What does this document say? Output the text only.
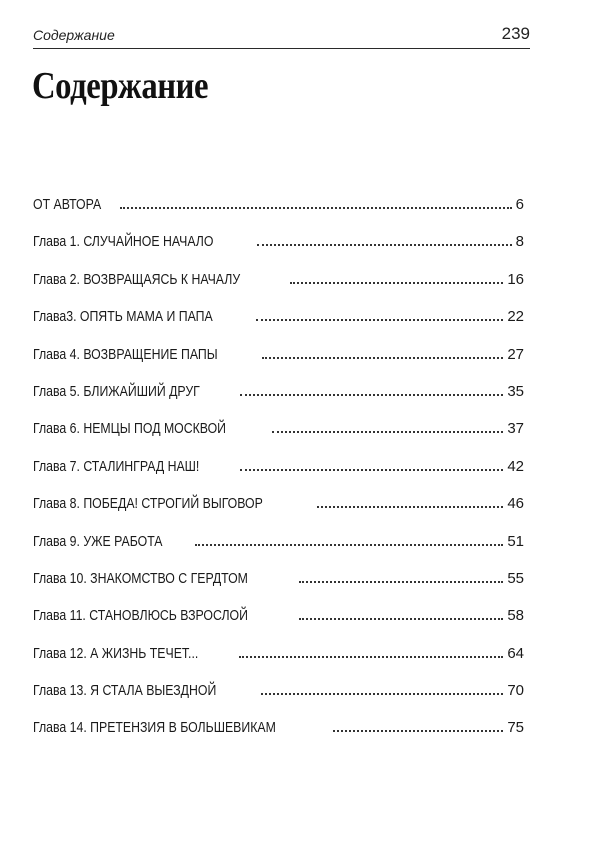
Содержание	239
Содержание
ОТ АВТОРА	6
Глава 1. СЛУЧАЙНОЕ НАЧАЛО	8
Глава 2. ВОЗВРАЩАЯСЬ К НАЧАЛУ	16
Глава3. ОПЯТЬ МАМА И ПАПА	22
Глава 4. ВОЗВРАЩЕНИЕ ПАПЫ	27
Глава 5. БЛИЖАЙШИЙ ДРУГ	35
Глава 6. НЕМЦЫ ПОД МОСКВОЙ	37
Глава 7. СТАЛИНГРАД НАШ!	42
Глава 8. ПОБЕДА! СТРОГИЙ ВЫГОВОР	46
Глава 9. УЖЕ РАБОТА	51
Глава 10. ЗНАКОМСТВО С ГЕРДТОМ	55
Глава 11. СТАНОВЛЮСЬ ВЗРОСЛОЙ	58
Глава 12. А ЖИЗНЬ ТЕЧЕТ...	64
Глава 13. Я СТАЛА ВЫЕЗДНОЙ	70
Глава 14. ПРЕТЕНЗИЯ В БОЛЬШЕВИКАМ	75
